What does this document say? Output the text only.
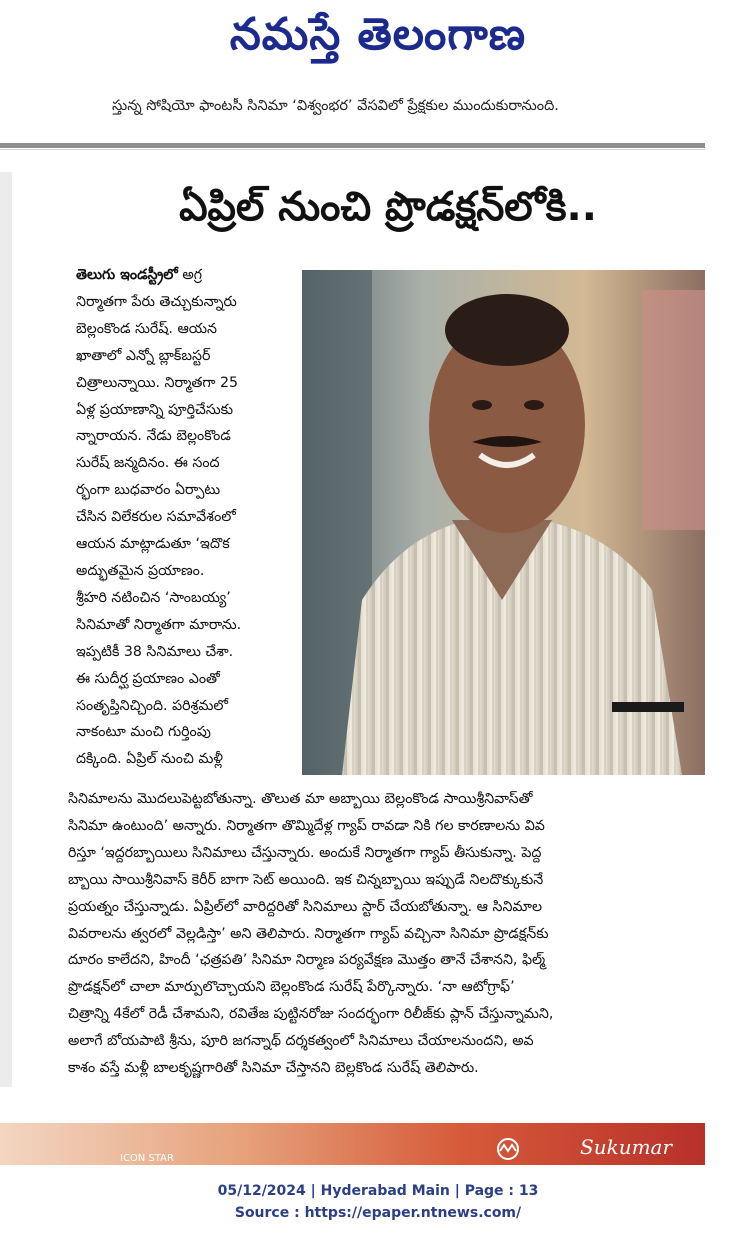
నమస్తే తెలంగాణ
స్తున్న సోషియో ఫాంటసీ సినిమా ‘విశ్వంభర’ వేసవిలో ప్రేక్షకుల ముందుకురానుంది.
ఏప్రిల్ నుంచి ప్రొడక్షన్‌లోకి..
తెలుగు ఇండస్ట్రీలో అగ్ర
నిర్మాతగా పేరు తెచ్చుకున్నారు
బెల్లంకొండ సురేష్. ఆయన
ఖాతాలో ఎన్నో బ్లాక్‌బస్టర్
చిత్రాలున్నాయి. నిర్మాతగా 25
ఏళ్ల ప్రయాణాన్ని పూర్తిచేసుకు
న్నారాయన. నేడు బెల్లంకొండ
సురేష్ జన్మదినం. ఈ సంద
ర్భంగా బుధవారం ఏర్పాటు
చేసిన విలేకరుల సమావేశంలో
ఆయన మాట్లాడుతూ ‘ఇదొక
అద్భుతమైన ప్రయాణం.
శ్రీహరి నటించిన ‘సాంబయ్య’
సినిమాతో నిర్మాతగా మారాను.
ఇప్పటికీ 38 సినిమాలు చేశా.
ఈ సుదీర్ఘ ప్రయాణం ఎంతో
సంతృప్తినిచ్చింది. పరిశ్రమలో
నాకంటూ మంచి గుర్తింపు
దక్కింది. ఏప్రిల్ నుంచి మళ్లీ
సినిమాలను మొదలుపెట్టబోతున్నా. తొలుత మా అబ్బాయి బెల్లంకొండ సాయిశ్రీనివాస్‌తో
సినిమా ఉంటుంది’ అన్నారు. నిర్మాతగా తొమ్మిదేళ్ల గ్యాప్ రావడా నికి గల కారణాలను వివ
రిస్తూ ‘ఇద్దరబ్బాయిలు సినిమాలు చేస్తున్నారు. అందుకే నిర్మాతగా గ్యాప్ తీసుకున్నా. పెద్ద
బ్బాయి సాయిశ్రీనివాస్ కెరీర్ బాగా సెట్ అయింది. ఇక చిన్నబ్బాయి ఇప్పుడే నిలదొక్కుకునే
ప్రయత్నం చేస్తున్నాడు. ఏప్రిల్‌లో వారిద్దరితో సినిమాలు స్టార్ చేయబోతున్నా. ఆ సినిమాల
వివరాలను త్వరలో వెల్లడిస్తా’ అని తెలిపారు. నిర్మాతగా గ్యాప్ వచ్చినా సినిమా ప్రొడక్షన్‌కు
దూరం కాలేదని, హిందీ ‘ఛత్రపతి’ సినిమా నిర్మాణ పర్యవేక్షణ మొత్తం తానే చేశానని, ఫిల్మ్
ప్రొడక్షన్‌లో చాలా మార్పులొచ్చాయని బెల్లంకొండ సురేష్ పేర్కొన్నారు. ‘నా ఆటోగ్రాఫ్’
చిత్రాన్ని 4కేలో రెడీ చేశామని, రవితేజ పుట్టినరోజు సందర్భంగా రిలీజ్‌కు ప్లాన్ చేస్తున్నామని,
అలాగే బోయపాటి శ్రీను, పూరి జగన్నాథ్ దర్శకత్వంలో సినిమాలు చేయాలనుందని, అవ
కాశం వస్తే మళ్లీ బాలకృష్ణగారితో సినిమా చేస్తానని బెల్లకొండ సురేష్ తెలిపారు.
ICON STAR	Sukumar
05/12/2024 | Hyderabad Main | Page : 13
Source : https://epaper.ntnews.com/
